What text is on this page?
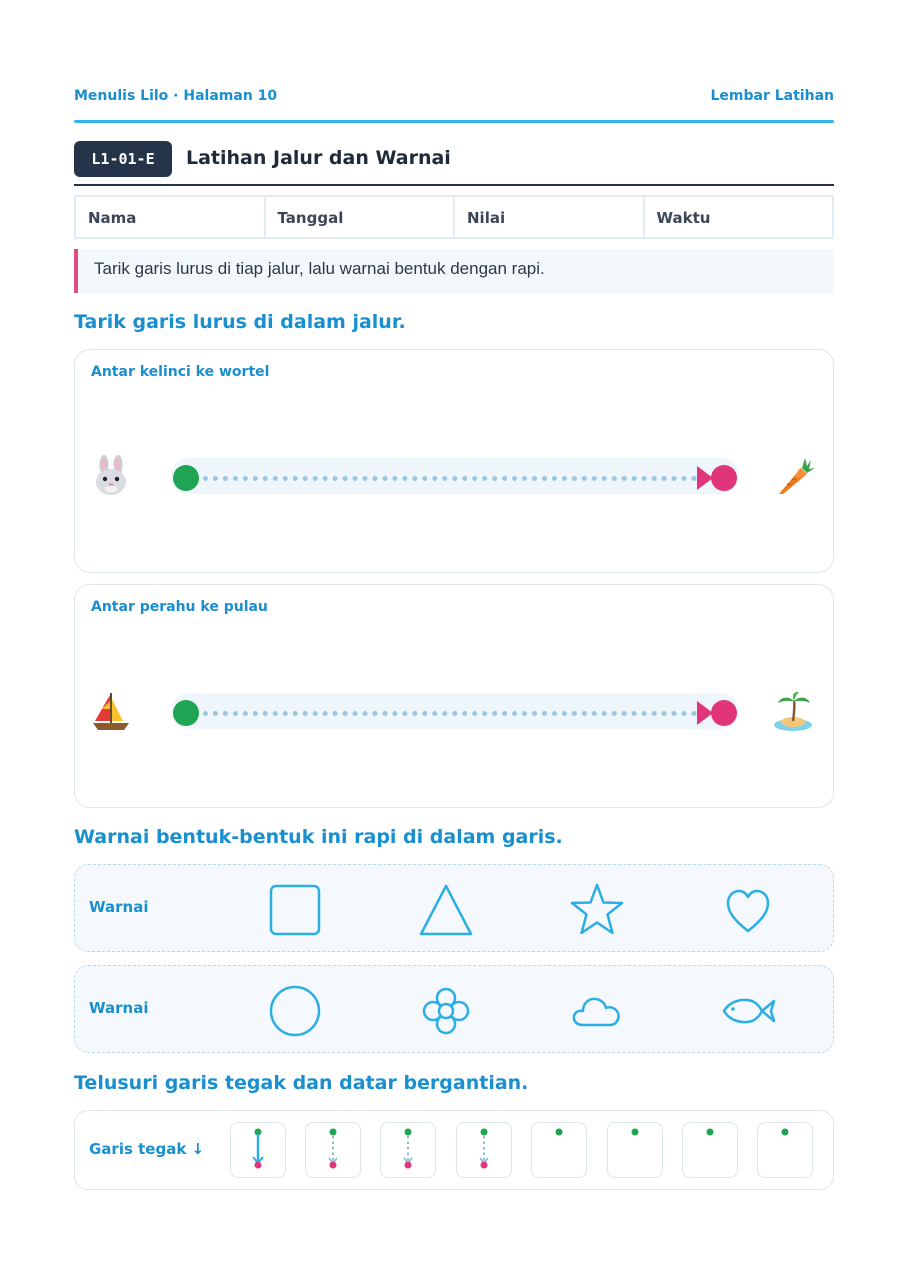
Menulis Lilo · Halaman 10	Lembar Latihan
L1-01-E	Latihan Jalur dan Warnai
Nama	Tanggal	Nilai	Waktu
Tarik garis lurus di tiap jalur, lalu warnai bentuk dengan rapi.
Tarik garis lurus di dalam jalur.
Antar kelinci ke wortel
Antar perahu ke pulau
Warnai bentuk-bentuk ini rapi di dalam garis.
Warnai
Warnai
Telusuri garis tegak dan datar bergantian.
Garis tegak ↓
